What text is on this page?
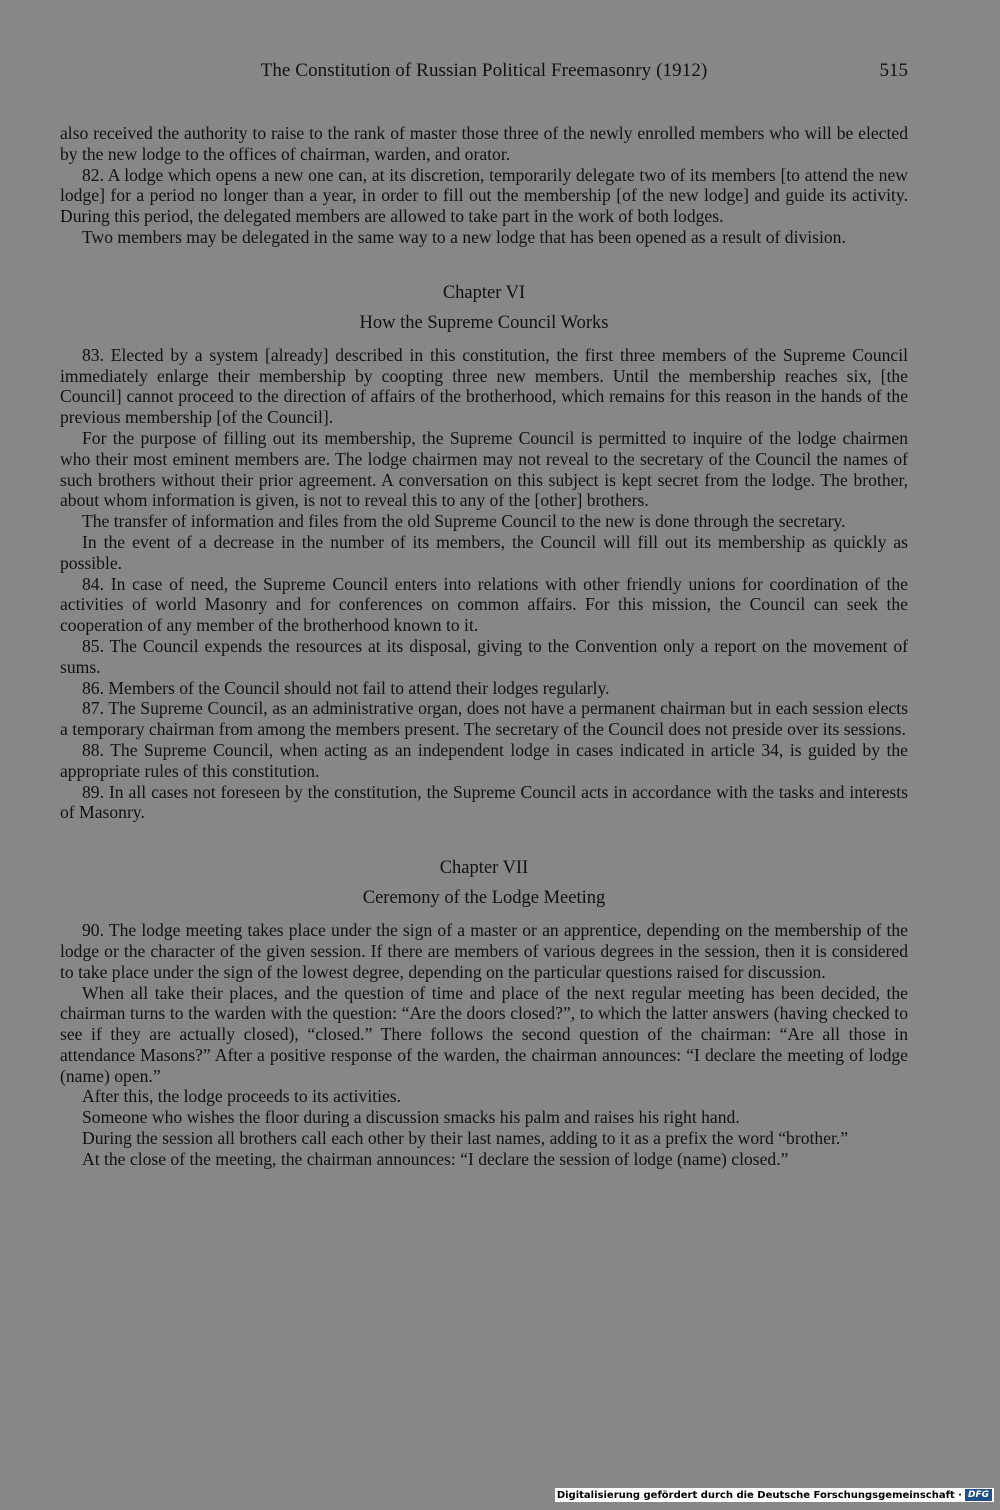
The Constitution of Russian Political Freemasonry (1912)	515

also received the authority to raise to the rank of master those three of the newly enrolled members who will be elected by the new lodge to the offices of chairman, warden, and orator.

82. A lodge which opens a new one can, at its discretion, temporarily delegate two of its members [to attend the new lodge] for a period no longer than a year, in order to fill out the membership [of the new lodge] and guide its activity. During this period, the delegated members are allowed to take part in the work of both lodges.

Two members may be delegated in the same way to a new lodge that has been opened as a result of division.

Chapter VI

How the Supreme Council Works

83. Elected by a system [already] described in this constitution, the first three members of the Supreme Council immediately enlarge their membership by coopting three new members. Until the membership reaches six, [the Council] cannot proceed to the direction of affairs of the brotherhood, which remains for this reason in the hands of the previous membership [of the Council].

For the purpose of filling out its membership, the Supreme Council is permitted to inquire of the lodge chairmen who their most eminent members are. The lodge chairmen may not reveal to the secretary of the Council the names of such brothers without their prior agreement. A conversation on this subject is kept secret from the lodge. The brother, about whom information is given, is not to reveal this to any of the [other] brothers.

The transfer of information and files from the old Supreme Council to the new is done through the secretary.

In the event of a decrease in the number of its members, the Council will fill out its membership as quickly as possible.

84. In case of need, the Supreme Council enters into relations with other friendly unions for coordination of the activities of world Masonry and for conferences on common affairs. For this mission, the Council can seek the cooperation of any member of the brotherhood known to it.

85. The Council expends the resources at its disposal, giving to the Convention only a report on the movement of sums.

86. Members of the Council should not fail to attend their lodges regularly.

87. The Supreme Council, as an administrative organ, does not have a permanent chairman but in each session elects a temporary chairman from among the members present. The secretary of the Council does not preside over its sessions.

88. The Supreme Council, when acting as an independent lodge in cases indicated in article 34, is guided by the appropriate rules of this constitution.

89. In all cases not foreseen by the constitution, the Supreme Council acts in accordance with the tasks and interests of Masonry.

Chapter VII

Ceremony of the Lodge Meeting

90. The lodge meeting takes place under the sign of a master or an apprentice, depending on the membership of the lodge or the character of the given session. If there are members of various degrees in the session, then it is considered to take place under the sign of the lowest degree, depending on the particular questions raised for discussion.

When all take their places, and the question of time and place of the next regular meeting has been decided, the chairman turns to the warden with the question: “Are the doors closed?”, to which the latter answers (having checked to see if they are actually closed), “closed.” There follows the second question of the chairman: “Are all those in attendance Masons?” After a positive response of the warden, the chairman announces: “I declare the meeting of lodge (name) open.”

After this, the lodge proceeds to its activities.

Someone who wishes the floor during a discussion smacks his palm and raises his right hand.

During the session all brothers call each other by their last names, adding to it as a prefix the word “brother.”

At the close of the meeting, the chairman announces: “I declare the session of lodge (name) closed.”

Digitalisierung gefördert durch die Deutsche Forschungsgemeinschaft · DFG
